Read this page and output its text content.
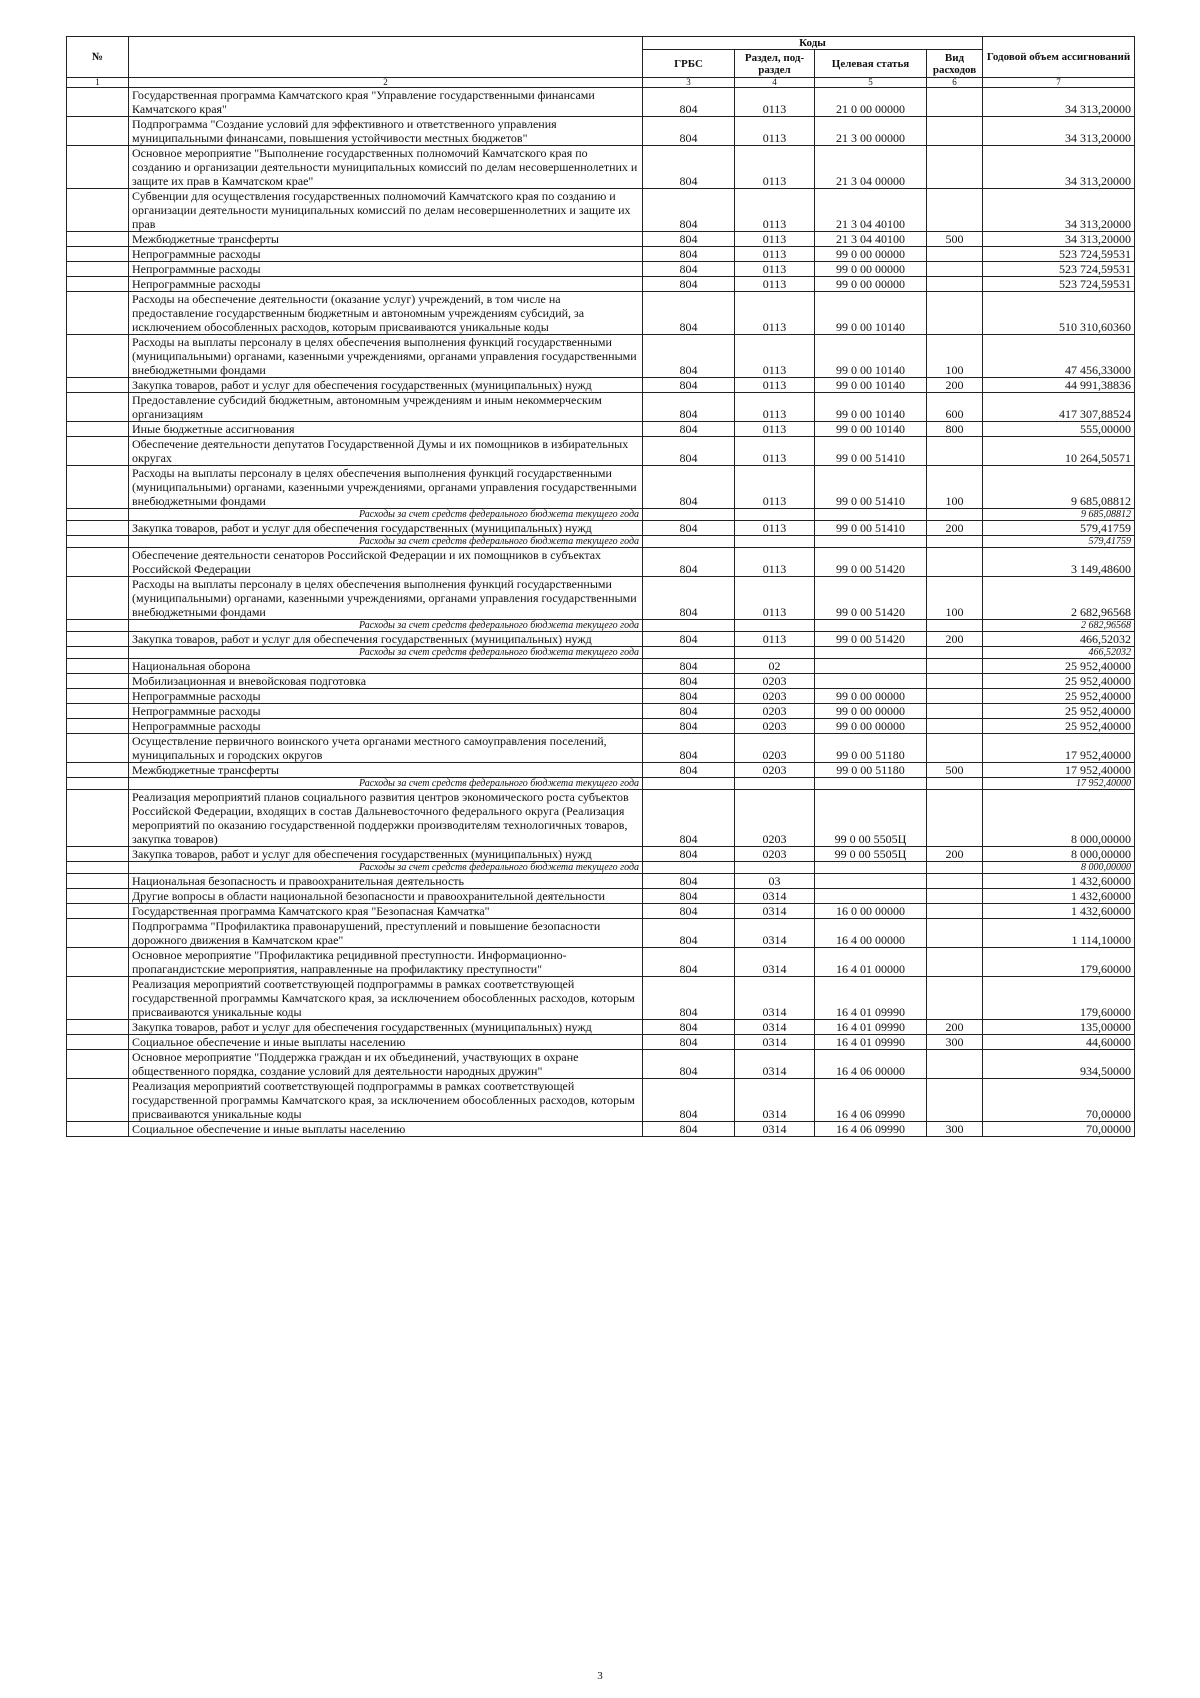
№		Коды				Годовой объем ассигнований
		ГРБС	Раздел, под-раздел	Целевая статья	Вид расходов	
1	2	3	4	5	6	7
	Государственная программа Камчатского края "Управление государственными финансами Камчатского края"	804	0113	21 0 00 00000		34 313,20000
	Подпрограмма "Создание условий для эффективного и ответственного управления муниципальными финансами, повышения устойчивости местных бюджетов"	804	0113	21 3 00 00000		34 313,20000
	Основное мероприятие "Выполнение государственных полномочий Камчатского края по созданию и организации деятельности муниципальных комиссий по делам несовершеннолетних и защите их прав в Камчатском крае"	804	0113	21 3 04 00000		34 313,20000
	Субвенции для осуществления государственных полномочий Камчатского края по созданию и организации деятельности муниципальных комиссий по делам несовершеннолетних и защите их прав	804	0113	21 3 04 40100		34 313,20000
	Межбюджетные трансферты	804	0113	21 3 04 40100	500	34 313,20000
	Непрограммные расходы	804	0113	99 0 00 00000		523 724,59531
	Непрограммные расходы	804	0113	99 0 00 00000		523 724,59531
	Непрограммные расходы	804	0113	99 0 00 00000		523 724,59531
	Расходы на обеспечение деятельности (оказание услуг) учреждений, в том числе на предоставление государственным бюджетным и автономным учреждениям субсидий, за исключением обособленных расходов, которым присваиваются уникальные коды	804	0113	99 0 00 10140		510 310,60360
	Расходы на выплаты персоналу в целях обеспечения выполнения функций государственными (муниципальными) органами, казенными учреждениями, органами управления государственными внебюджетными фондами	804	0113	99 0 00 10140	100	47 456,33000
	Закупка товаров, работ и услуг для обеспечения государственных (муниципальных) нужд	804	0113	99 0 00 10140	200	44 991,38836
	Предоставление субсидий бюджетным, автономным учреждениям и иным некоммерческим организациям	804	0113	99 0 00 10140	600	417 307,88524
	Иные бюджетные ассигнования	804	0113	99 0 00 10140	800	555,00000
	Обеспечение деятельности депутатов Государственной Думы и их помощников в избирательных округах	804	0113	99 0 00 51410		10 264,50571
	Расходы на выплаты персоналу в целях обеспечения выполнения функций государственными (муниципальными) органами, казенными учреждениями, органами управления государственными внебюджетными фондами	804	0113	99 0 00 51410	100	9 685,08812
	Расходы за счет средств федерального бюджета текущего года					9 685,08812
	Закупка товаров, работ и услуг для обеспечения государственных (муниципальных) нужд	804	0113	99 0 00 51410	200	579,41759
	Расходы за счет средств федерального бюджета текущего года					579,41759
	Обеспечение деятельности сенаторов Российской Федерации и их помощников в субъектах Российской Федерации	804	0113	99 0 00 51420		3 149,48600
	Расходы на выплаты персоналу в целях обеспечения выполнения функций государственными (муниципальными) органами, казенными учреждениями, органами управления государственными внебюджетными фондами	804	0113	99 0 00 51420	100	2 682,96568
	Расходы за счет средств федерального бюджета текущего года					2 682,96568
	Закупка товаров, работ и услуг для обеспечения государственных (муниципальных) нужд	804	0113	99 0 00 51420	200	466,52032
	Расходы за счет средств федерального бюджета текущего года					466,52032
	Национальная оборона	804	02			25 952,40000
	Мобилизационная и вневойсковая подготовка	804	0203			25 952,40000
	Непрограммные расходы	804	0203	99 0 00 00000		25 952,40000
	Непрограммные расходы	804	0203	99 0 00 00000		25 952,40000
	Непрограммные расходы	804	0203	99 0 00 00000		25 952,40000
	Осуществление первичного воинского учета органами местного самоуправления поселений, муниципальных и городских округов	804	0203	99 0 00 51180		17 952,40000
	Межбюджетные трансферты	804	0203	99 0 00 51180	500	17 952,40000
	Расходы за счет средств федерального бюджета текущего года					17 952,40000
	Реализация мероприятий планов социального развития центров экономического роста субъектов Российской Федерации, входящих в состав Дальневосточного федерального округа (Реализация мероприятий по оказанию государственной поддержки производителям технологичных товаров, закупка товаров)	804	0203	99 0 00 5505Ц		8 000,00000
	Закупка товаров, работ и услуг для обеспечения государственных (муниципальных) нужд	804	0203	99 0 00 5505Ц	200	8 000,00000
	Расходы за счет средств федерального бюджета текущего года					8 000,00000
	Национальная безопасность и правоохранительная деятельность	804	03			1 432,60000
	Другие вопросы в области национальной безопасности и правоохранительной деятельности	804	0314			1 432,60000
	Государственная программа Камчатского края "Безопасная Камчатка"	804	0314	16 0 00 00000		1 432,60000
	Подпрограмма "Профилактика правонарушений, преступлений и повышение безопасности дорожного движения в Камчатском крае"	804	0314	16 4 00 00000		1 114,10000
	Основное мероприятие "Профилактика рецидивной преступности. Информационно-пропагандистские мероприятия, направленные на профилактику преступности"	804	0314	16 4 01 00000		179,60000
	Реализация мероприятий соответствующей подпрограммы в рамках соответствующей государственной программы Камчатского края, за исключением обособленных расходов, которым присваиваются уникальные коды	804	0314	16 4 01 09990		179,60000
	Закупка товаров, работ и услуг для обеспечения государственных (муниципальных) нужд	804	0314	16 4 01 09990	200	135,00000
	Социальное обеспечение и иные выплаты населению	804	0314	16 4 01 09990	300	44,60000
	Основное мероприятие "Поддержка граждан и их объединений, участвующих в охране общественного порядка, создание условий для деятельности народных дружин"	804	0314	16 4 06 00000		934,50000
	Реализация мероприятий соответствующей подпрограммы в рамках соответствующей государственной программы Камчатского края, за исключением обособленных расходов, которым присваиваются уникальные коды	804	0314	16 4 06 09990		70,00000
	Социальное обеспечение и иные выплаты населению	804	0314	16 4 06 09990	300	70,00000
3
